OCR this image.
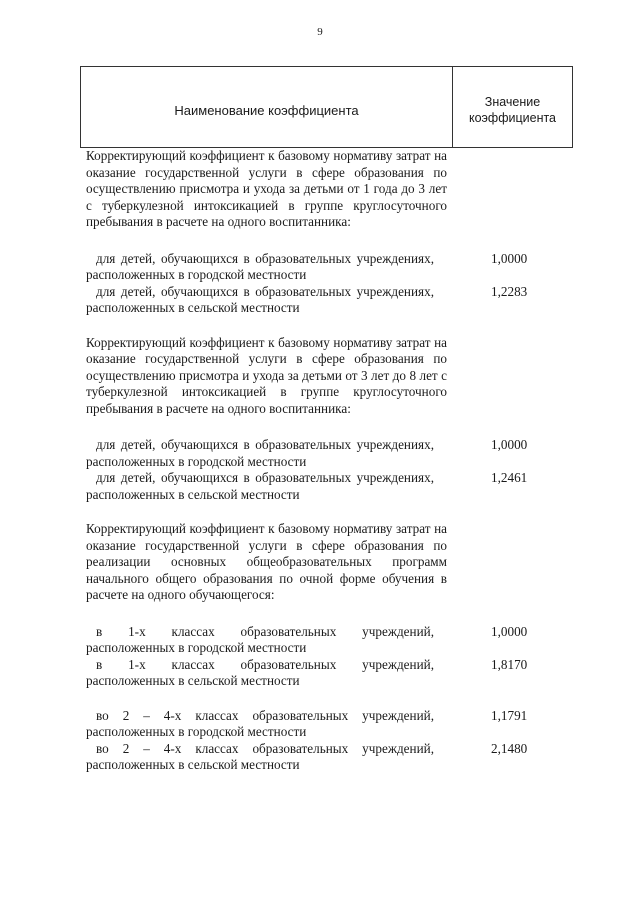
9
Наименование коэффициента
Значение
коэффициента
Корректирующий коэффициент к базовому нормативу затрат на оказание государственной услуги в сфере образования по осуществлению присмотра и ухода за детьми от 1 года до 3 лет с туберкулезной интоксикацией в группе круглосуточного пребывания в расчете на одного воспитанника:
для детей, обучающихся в образовательных учреждениях, расположенных в городской местности
1,0000
для детей, обучающихся в образовательных учреждениях, расположенных в сельской местности
1,2283
Корректирующий коэффициент к базовому нормативу затрат на оказание государственной услуги в сфере образования по осуществлению присмотра и ухода за детьми от 3 лет до 8 лет с туберкулезной интоксикацией в группе круглосуточного пребывания в расчете на одного воспитанника:
для детей, обучающихся в образовательных учреждениях, расположенных в городской местности
1,0000
для детей, обучающихся в образовательных учреждениях, расположенных в сельской местности
1,2461
Корректирующий коэффициент к базовому нормативу затрат на оказание государственной услуги в сфере образования по реализации основных общеобразовательных программ начального общего образования по очной форме обучения в расчете на одного обучающегося:
в 1-х классах образовательных учреждений, расположенных в городской местности
1,0000
в 1-х классах образовательных учреждений, расположенных в сельской местности
1,8170
во 2 – 4-х классах образовательных учреждений, расположенных в городской местности
1,1791
во 2 – 4-х классах образовательных учреждений, расположенных в сельской местности
2,1480
